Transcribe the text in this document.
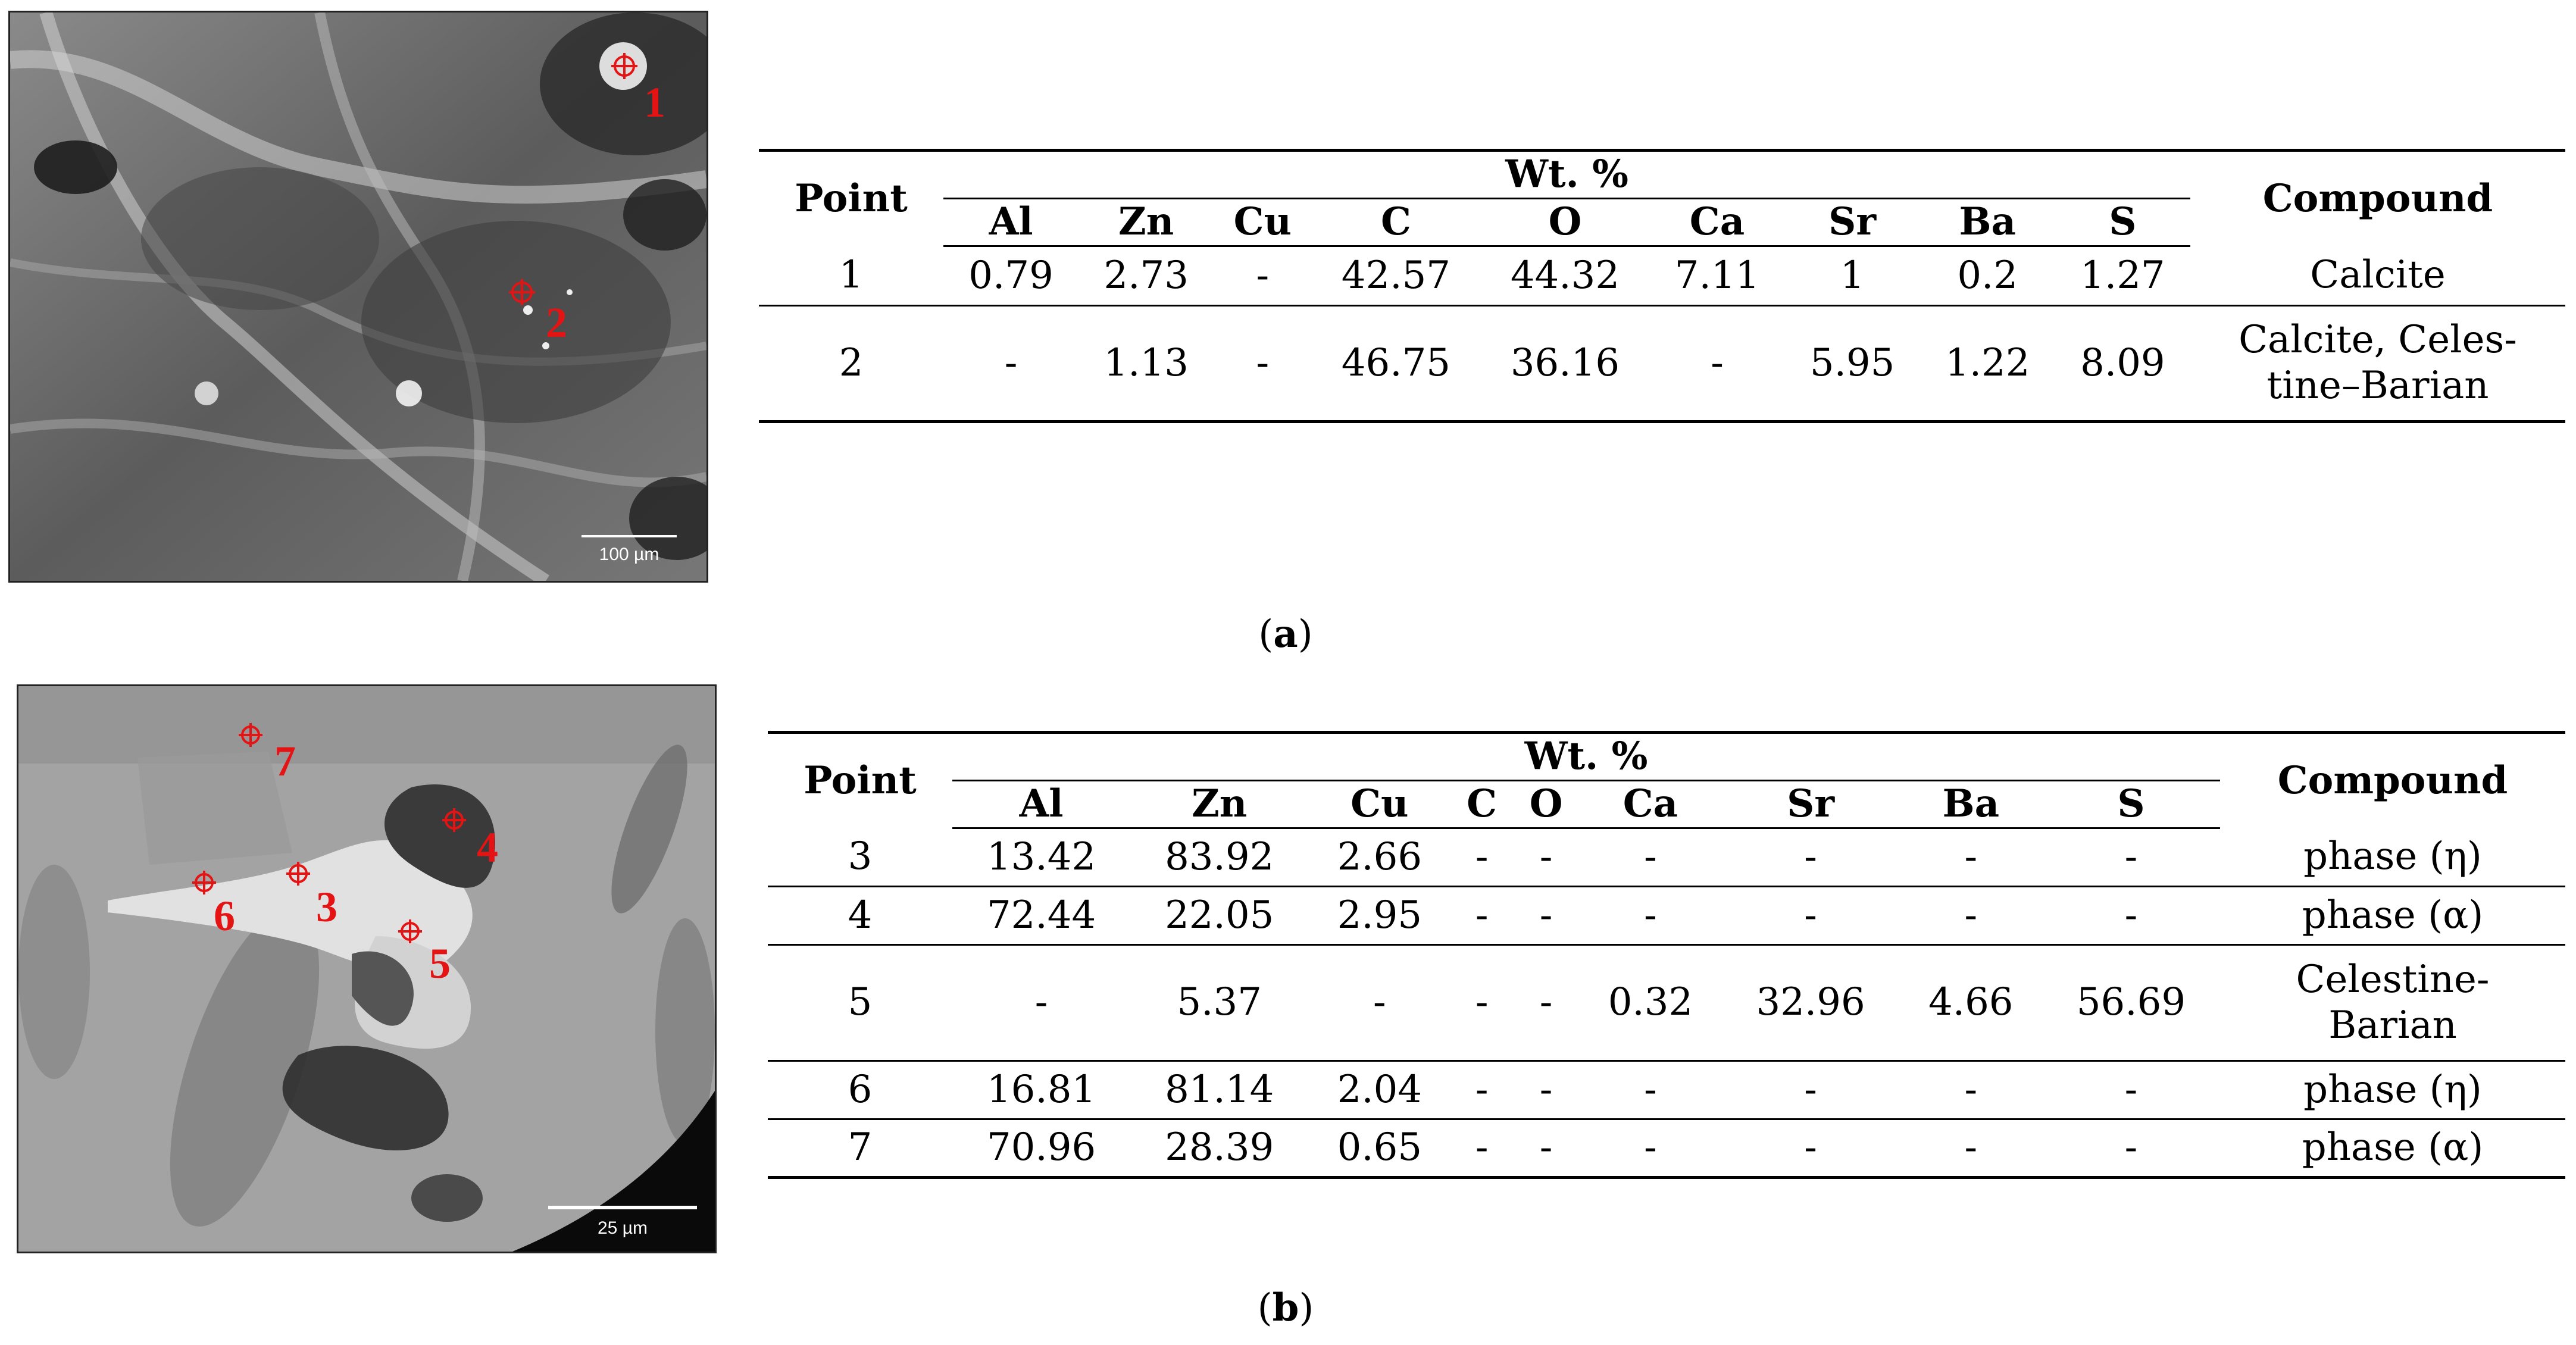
1
2
100 µm
Point	Wt. %									Compound
	Al	Zn	Cu	C	O	Ca	Sr	Ba	S	
1	0.79	2.73	-	42.57	44.32	7.11	1	0.2	1.27	Calcite
2	-	1.13	-	46.75	36.16	-	5.95	1.22	8.09	Calcite, Celes-
tine–Barian
(a)
7
4
3
6
5
25 µm
Point	Wt. %									Compound
	Al	Zn	Cu	C	O	Ca	Sr	Ba	S	
3	13.42	83.92	2.66	-	-	-	-	-	-	phase (η)
4	72.44	22.05	2.95	-	-	-	-	-	-	phase (α)
5	-	5.37	-	-	-	0.32	32.96	4.66	56.69	Celestine-
Barian

6	16.81	81.14	2.04	-	-	-	-	-	-	phase (η)
7	70.96	28.39	0.65	-	-	-	-	-	-	phase (α)
(b)
